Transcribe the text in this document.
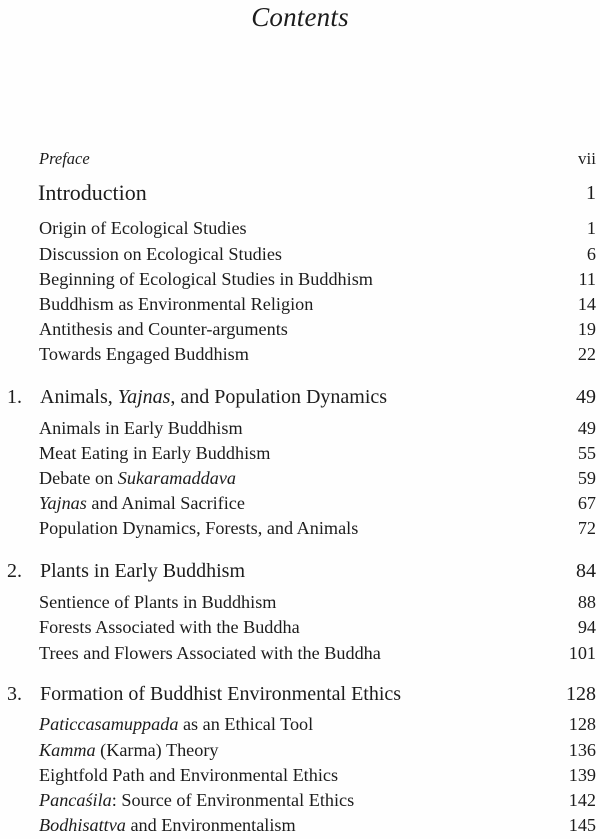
Contents
Preface	vii
Introduction	1
Origin of Ecological Studies	1
Discussion on Ecological Studies	6
Beginning of Ecological Studies in Buddhism	11
Buddhism as Environmental Religion	14
Antithesis and Counter-arguments	19
Towards Engaged Buddhism	22
1. Animals, Yajnas, and Population Dynamics	49
Animals in Early Buddhism	49
Meat Eating in Early Buddhism	55
Debate on Sukaramaddava	59
Yajnas and Animal Sacrifice	67
Population Dynamics, Forests, and Animals	72
2. Plants in Early Buddhism	84
Sentience of Plants in Buddhism	88
Forests Associated with the Buddha	94
Trees and Flowers Associated with the Buddha	101
3. Formation of Buddhist Environmental Ethics	128
Paticcasamuppada as an Ethical Tool	128
Kamma (Karma) Theory	136
Eightfold Path and Environmental Ethics	139
Pancaśila: Source of Environmental Ethics	142
Bodhisattva and Environmentalism	145
